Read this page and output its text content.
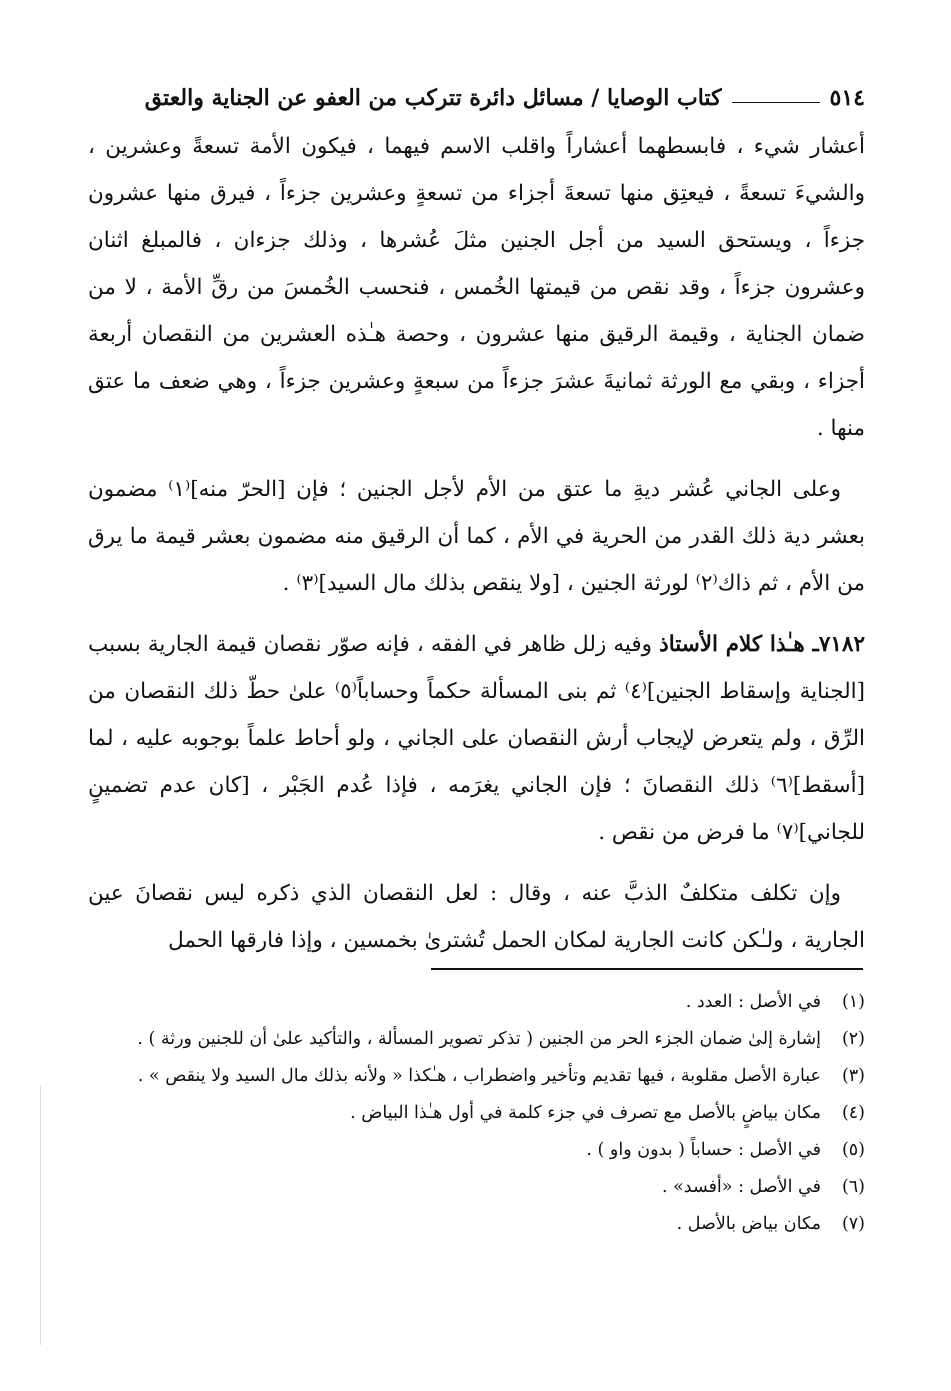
٥١٤
كتاب الوصايا / مسائل دائرة تتركب من العفو عن الجناية والعتق

أعشار شيء ، فابسطهما أعشاراً واقلب الاسم فيهما ، فيكون الأمة تسعةً وعشرين ، والشيءَ تسعةً ، فيعتِق منها تسعةَ أجزاء من تسعةٍ وعشرين جزءاً ، فيرق منها عشرون جزءاً ، ويستحق السيد من أجل الجنين مثلَ عُشرها ، وذلك جزءان ، فالمبلغ اثنان وعشرون جزءاً ، وقد نقص من قيمتها الخُمس ، فنحسب الخُمسَ من رقِّ الأمة ، لا من ضمان الجناية ، وقيمة الرقيق منها عشرون ، وحصة هـٰذه العشرين من النقصان أربعة أجزاء ، وبقي مع الورثة ثمانيةَ عشرَ جزءاً من سبعةٍ وعشرين جزءاً ، وهي ضعف ما عتق منها .

وعلى الجاني عُشر ديةِ ما عتق من الأم لأجل الجنين ؛ فإن [الحرّ منه]⁽١⁾ مضمون بعشر دية ذلك القدر من الحرية في الأم ، كما أن الرقيق منه مضمون بعشر قيمة ما يرق من الأم ، ثم ذاك⁽٢⁾ لورثة الجنين ، [ولا ينقص بذلك مال السيد]⁽٣⁾ .

٧١٨٢ـ هـٰذا كلام الأستاذ وفيه زلل ظاهر في الفقه ، فإنه صوّر نقصان قيمة الجارية بسبب [الجناية وإسقاط الجنين]⁽٤⁾ ثم بنى المسألة حكماً وحساباً⁽٥⁾ علىٰ حطّ ذلك النقصان من الرِّق ، ولم يتعرض لإيجاب أرش النقصان على الجاني ، ولو أحاط علماً بوجوبه عليه ، لما [أسقط]⁽٦⁾ ذلك النقصانَ ؛ فإن الجاني يغرَمه ، فإذا عُدم الجَبْر ، [كان عدم تضمينٍ للجاني]⁽٧⁾ ما فرض من نقص .

وإن تكلف متكلفٌ الذبَّ عنه ، وقال : لعل النقصان الذي ذكره ليس نقصانَ عين الجارية ، ولـٰكن كانت الجارية لمكان الحمل تُشترىٰ بخمسين ، وإذا فارقها الحمل

(١)
في الأصل : العدد .
(٢)
إشارة إلىٰ ضمان الجزء الحر من الجنين ( تذكر تصوير المسألة ، والتأكيد علىٰ أن للجنين ورثة ) .
(٣)
عبارة الأصل مقلوبة ، فيها تقديم وتأخير واضطراب ، هـٰكذا « ولأنه بذلك مال السيد ولا ينقص » .
(٤)
مكان بياضٍ بالأصل مع تصرف في جزء كلمة في أول هـٰذا البياض .
(٥)
في الأصل : حساباً ( بدون واو ) .
(٦)
في الأصل : «أفسد» .
(٧)
مكان بياض بالأصل .
